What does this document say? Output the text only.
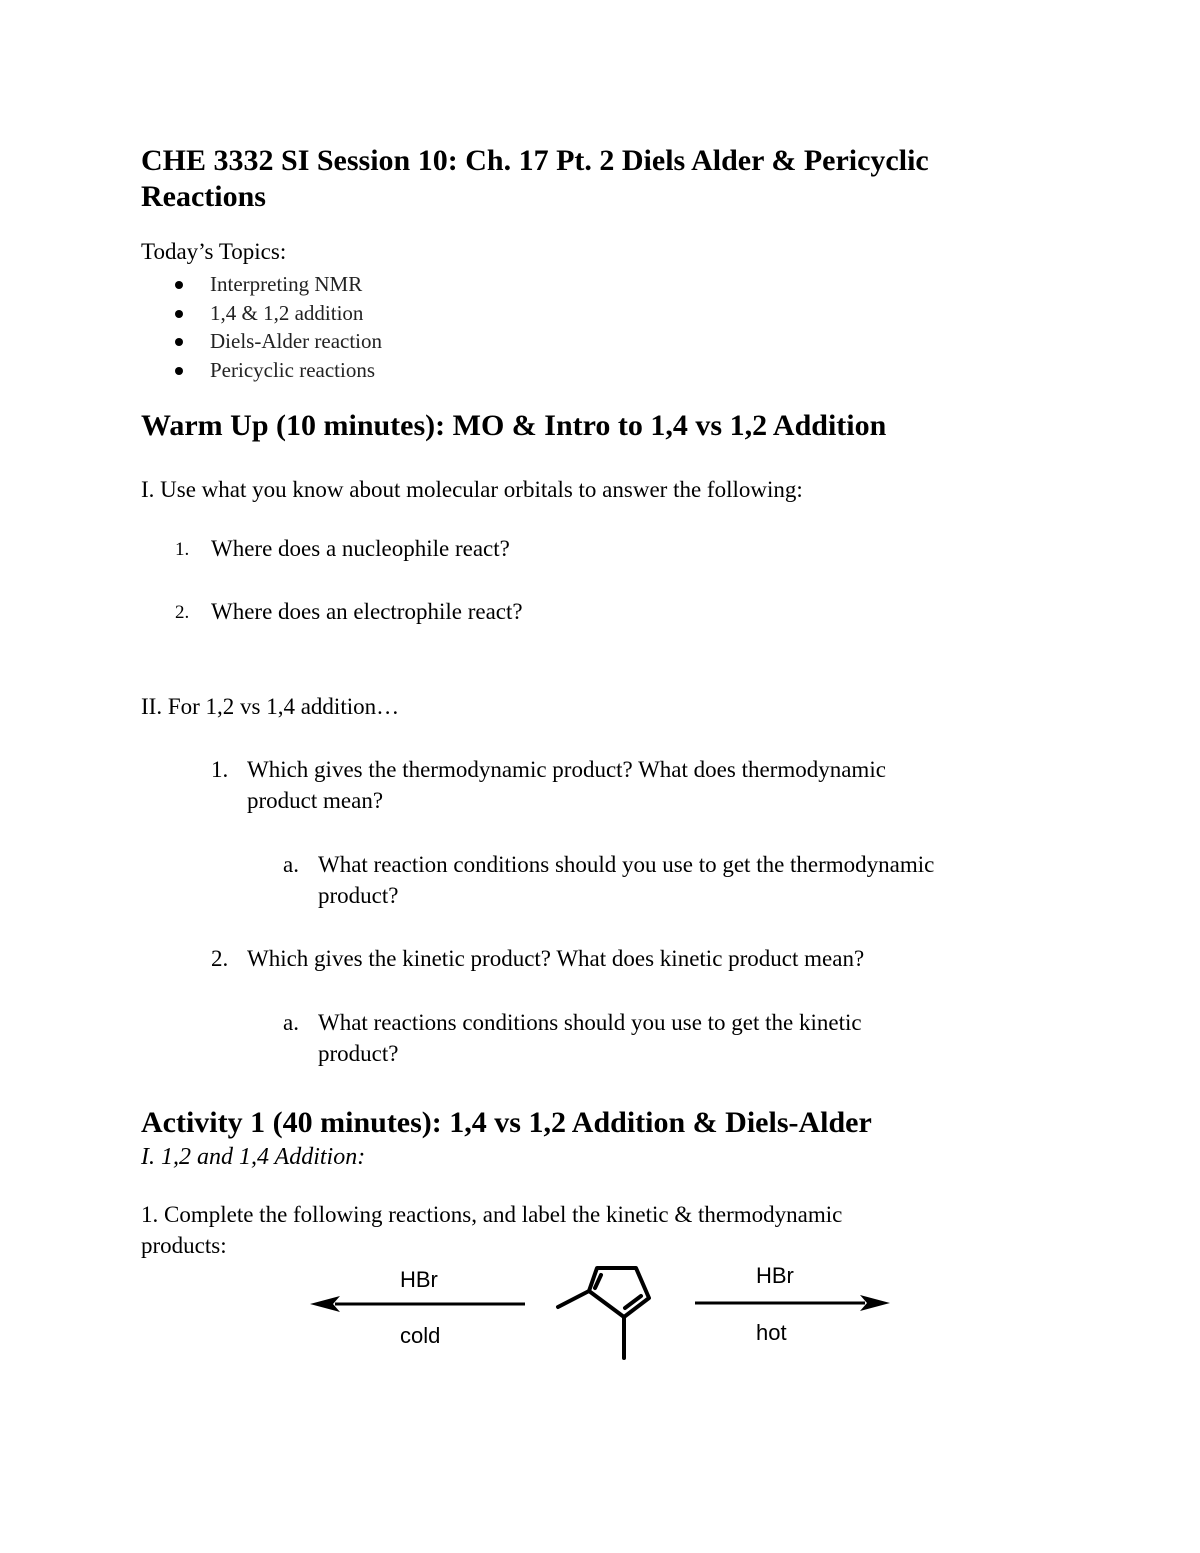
CHE 3332 SI Session 10: Ch. 17 Pt. 2 Diels Alder & Pericyclic Reactions
Today’s Topics:
Interpreting NMR
1,4 & 1,2 addition
Diels-Alder reaction
Pericyclic reactions
Warm Up (10 minutes): MO & Intro to 1,4 vs 1,2 Addition
I. Use what you know about molecular orbitals to answer the following:
1. Where does a nucleophile react?
2. Where does an electrophile react?
II. For 1,2 vs 1,4 addition…
1. Which gives the thermodynamic product? What does thermodynamic
product mean?
a. What reaction conditions should you use to get the thermodynamic
product?
2. Which gives the kinetic product? What does kinetic product mean?
a. What reactions conditions should you use to get the kinetic
product?
Activity 1 (40 minutes): 1,4 vs 1,2 Addition & Diels-Alder
I. 1,2 and 1,4 Addition:
1. Complete the following reactions, and label the kinetic & thermodynamic
products:
HBr
cold
HBr
hot
